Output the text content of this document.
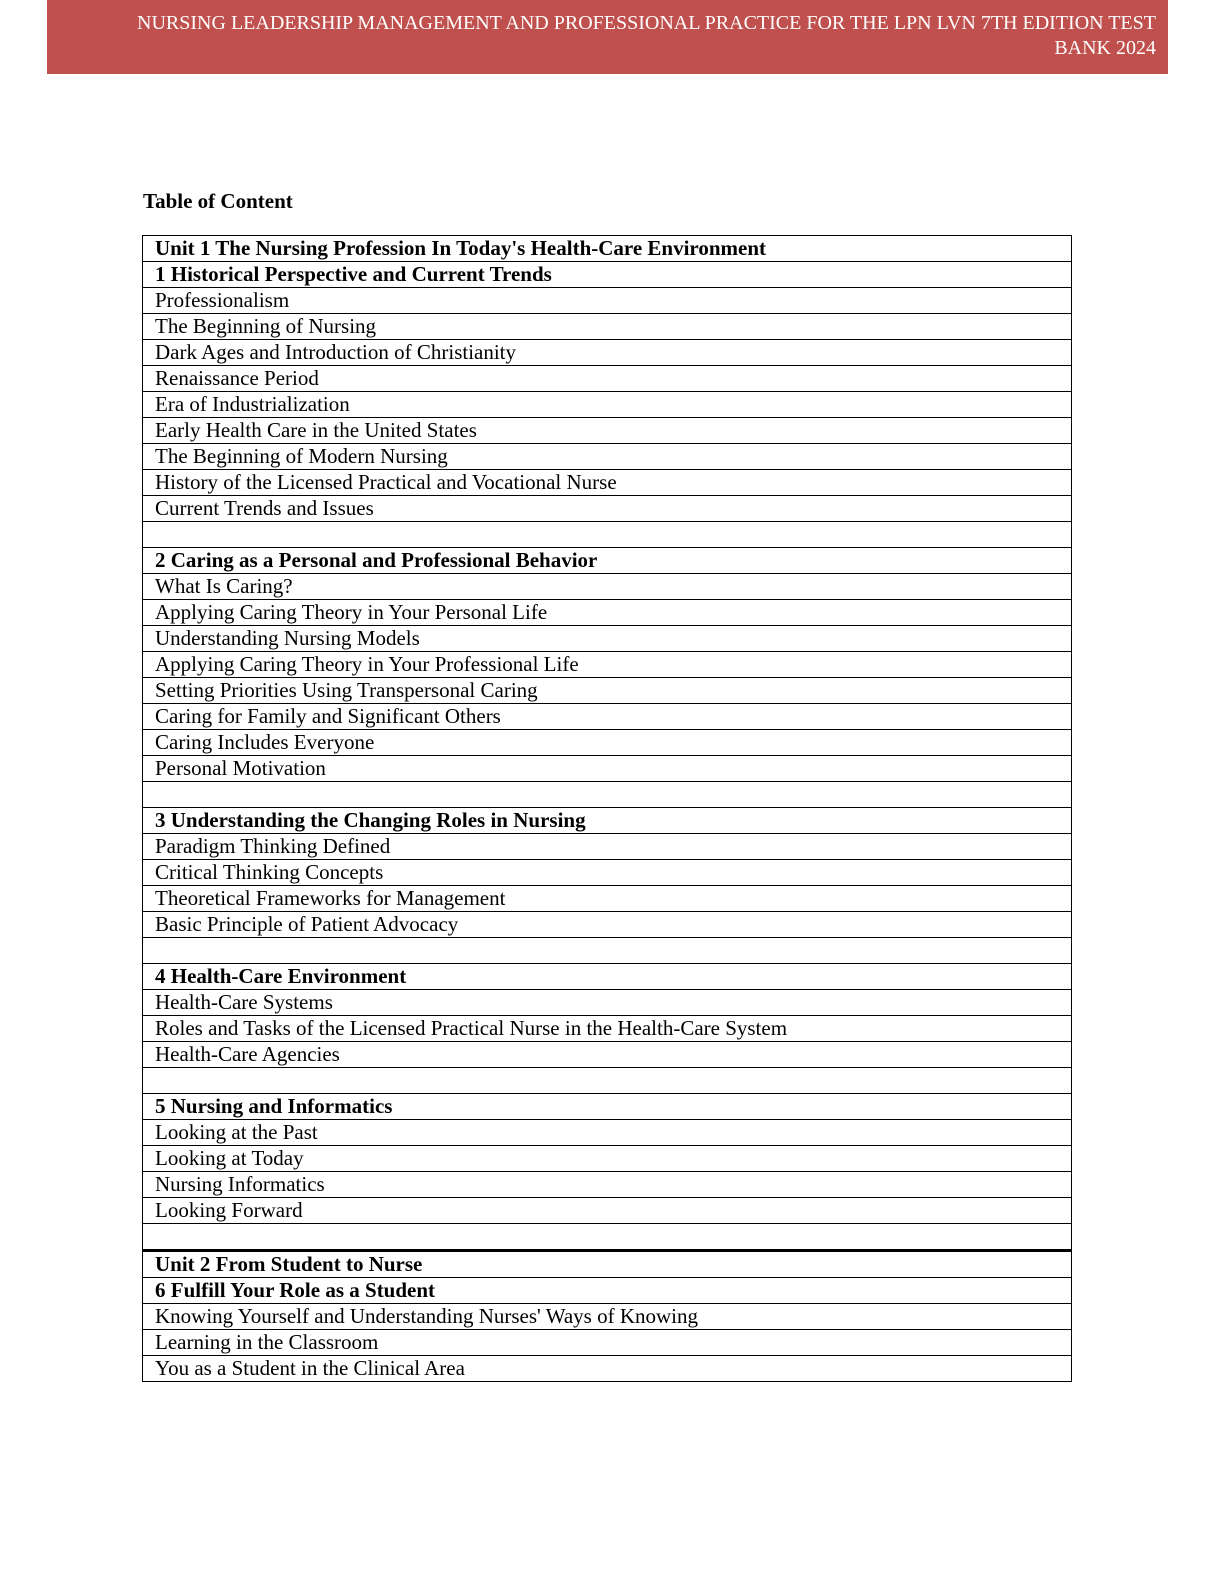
NURSING LEADERSHIP MANAGEMENT AND PROFESSIONAL PRACTICE FOR THE LPN LVN 7TH EDITION TEST
BANK 2024
Table of Content
Unit 1 The Nursing Profession In Today's Health-Care Environment
1 Historical Perspective and Current Trends
Professionalism
The Beginning of Nursing
Dark Ages and Introduction of Christianity
Renaissance Period
Era of Industrialization
Early Health Care in the United States
The Beginning of Modern Nursing
History of the Licensed Practical and Vocational Nurse
Current Trends and Issues

2 Caring as a Personal and Professional Behavior
What Is Caring?
Applying Caring Theory in Your Personal Life
Understanding Nursing Models
Applying Caring Theory in Your Professional Life
Setting Priorities Using Transpersonal Caring
Caring for Family and Significant Others
Caring Includes Everyone
Personal Motivation

3 Understanding the Changing Roles in Nursing
Paradigm Thinking Defined
Critical Thinking Concepts
Theoretical Frameworks for Management
Basic Principle of Patient Advocacy

4 Health-Care Environment
Health-Care Systems
Roles and Tasks of the Licensed Practical Nurse in the Health-Care System
Health-Care Agencies

5 Nursing and Informatics
Looking at the Past
Looking at Today
Nursing Informatics
Looking Forward

Unit 2 From Student to Nurse
6 Fulfill Your Role as a Student
Knowing Yourself and Understanding Nurses' Ways of Knowing
Learning in the Classroom
You as a Student in the Clinical Area
